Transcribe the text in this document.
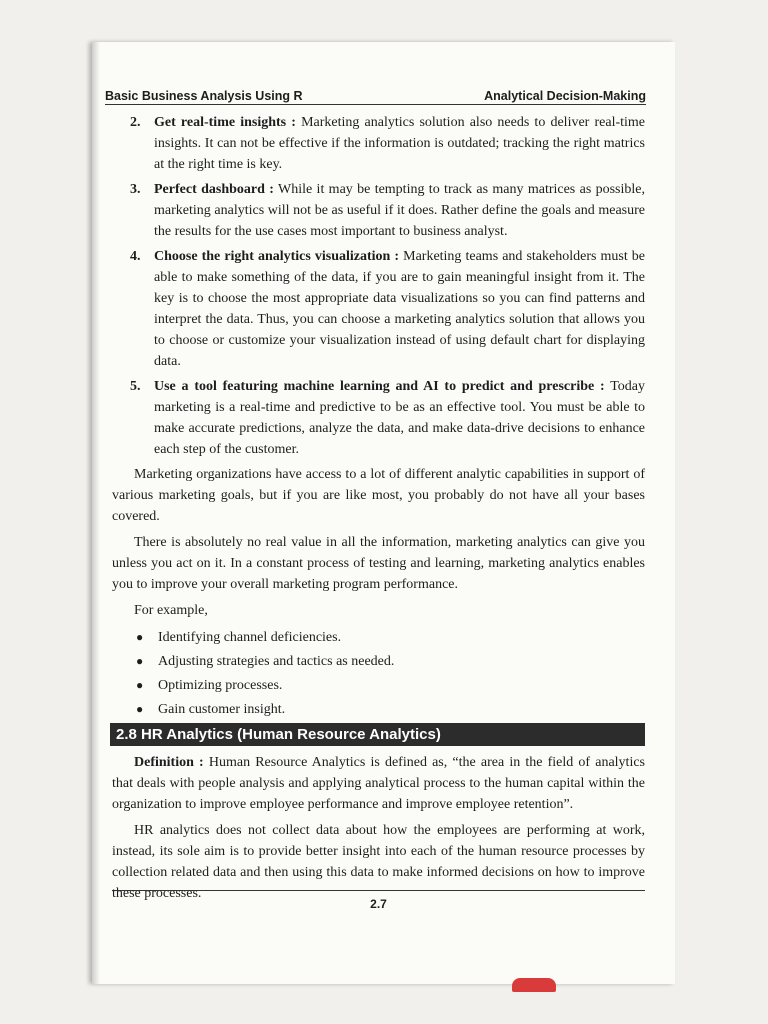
Basic Business Analysis Using R	Analytical Decision-Making
2. Get real-time insights : Marketing analytics solution also needs to deliver real-time insights. It can not be effective if the information is outdated; tracking the right matrics at the right time is key.
3. Perfect dashboard : While it may be tempting to track as many matrices as possible, marketing analytics will not be as useful if it does. Rather define the goals and measure the results for the use cases most important to business analyst.
4. Choose the right analytics visualization : Marketing teams and stakeholders must be able to make something of the data, if you are to gain meaningful insight from it. The key is to choose the most appropriate data visualizations so you can find patterns and interpret the data. Thus, you can choose a marketing analytics solution that allows you to choose or customize your visualization instead of using default chart for displaying data.
5. Use a tool featuring machine learning and AI to predict and prescribe : Today marketing is a real-time and predictive to be as an effective tool. You must be able to make accurate predictions, analyze the data, and make data-drive decisions to enhance each step of the customer.

Marketing organizations have access to a lot of different analytic capabilities in support of various marketing goals, but if you are like most, you probably do not have all your bases covered.

There is absolutely no real value in all the information, marketing analytics can give you unless you act on it. In a constant process of testing and learning, marketing analytics enables you to improve your overall marketing program performance.

For example,

●	Identifying channel deficiencies.
●	Adjusting strategies and tactics as needed.
●	Optimizing processes.
●	Gain customer insight.
2.8 HR Analytics (Human Resource Analytics)

Definition : Human Resource Analytics is defined as, “the area in the field of analytics that deals with people analysis and applying analytical process to the human capital within the organization to improve employee performance and improve employee retention”.

HR analytics does not collect data about how the employees are performing at work, instead, its sole aim is to provide better insight into each of the human resource processes by collection related data and then using this data to make informed decisions on how to improve these processes.

2.7
